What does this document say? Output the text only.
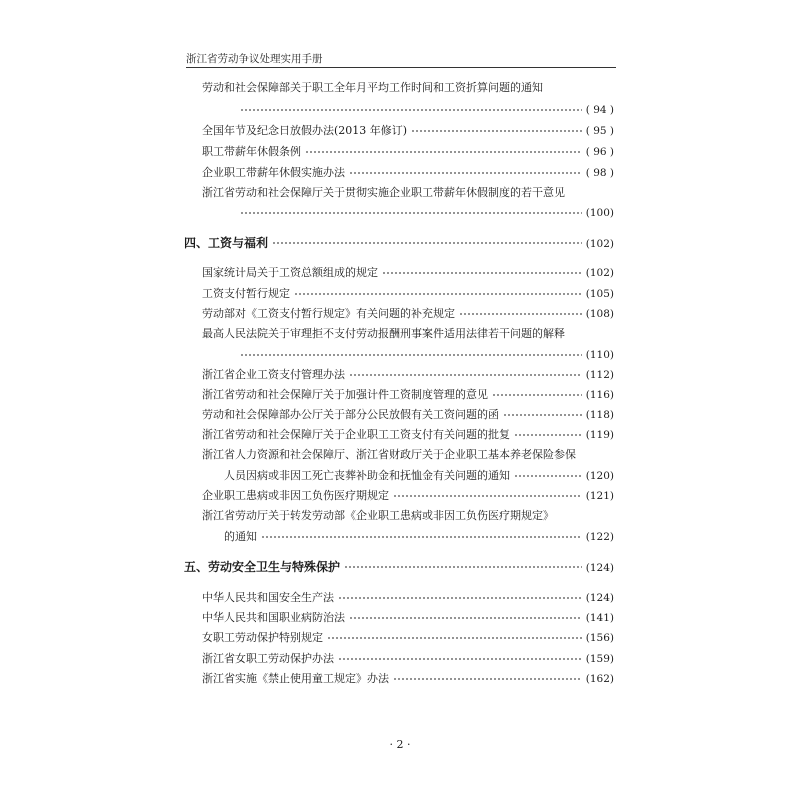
浙江省劳动争议处理实用手册
劳动和社会保障部关于职工全年月平均工作时间和工资折算问题的通知
( 94 )
全国年节及纪念日放假办法(2013 年修订)	( 95 )
职工带薪年休假条例	( 96 )
企业职工带薪年休假实施办法	( 98 )
浙江省劳动和社会保障厅关于贯彻实施企业职工带薪年休假制度的若干意见
(100)
四、工资与福利	(102)
国家统计局关于工资总额组成的规定	(102)
工资支付暂行规定	(105)
劳动部对《工资支付暂行规定》有关问题的补充规定	(108)
最高人民法院关于审理拒不支付劳动报酬刑事案件适用法律若干问题的解释
(110)
浙江省企业工资支付管理办法	(112)
浙江省劳动和社会保障厅关于加强计件工资制度管理的意见	(116)
劳动和社会保障部办公厅关于部分公民放假有关工资问题的函	(118)
浙江省劳动和社会保障厅关于企业职工工资支付有关问题的批复	(119)
浙江省人力资源和社会保障厅、浙江省财政厅关于企业职工基本养老保险参保
人员因病或非因工死亡丧葬补助金和抚恤金有关问题的通知	(120)
企业职工患病或非因工负伤医疗期规定	(121)
浙江省劳动厅关于转发劳动部《企业职工患病或非因工负伤医疗期规定》
的通知	(122)
五、劳动安全卫生与特殊保护	(124)
中华人民共和国安全生产法	(124)
中华人民共和国职业病防治法	(141)
女职工劳动保护特别规定	(156)
浙江省女职工劳动保护办法	(159)
浙江省实施《禁止使用童工规定》办法	(162)
· 2 ·
